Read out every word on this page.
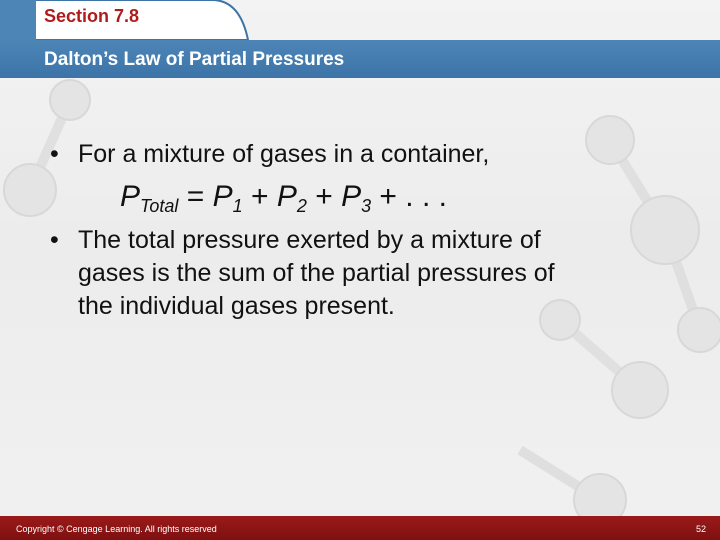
Section 7.8
Dalton’s Law of Partial Pressures
• For a mixture of gases in a container,
$P_{Total} = P_1 + P_2 + P_3$ + . . .
• The total pressure exerted by a mixture of
gases is the sum of the partial pressures of
the individual gases present.
Copyright © Cengage Learning. All rights reserved	52
